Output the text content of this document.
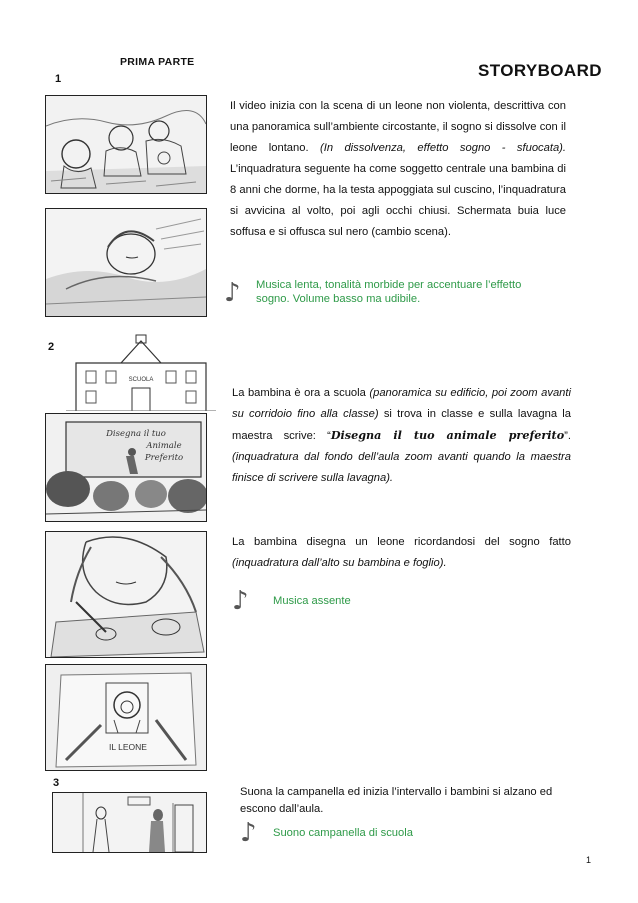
PRIMA PARTE	STORYBOARD
1
Il video inizia con la scena di un leone non violenta, descrittiva con una panoramica sull’ambiente circostante, il sogno si dissolve con il leone lontano. (In dissolvenza, effetto sogno - sfuocata). L’inquadratura seguente ha come soggetto centrale una bambina di 8 anni che dorme, ha la testa appoggiata sul cuscino, l’inquadratura si avvicina al volto, poi agli occhi chiusi. Schermata buia luce soffusa e si offusca sul nero (cambio scena).
♪ Musica lenta, tonalità morbide per accentuare l’effetto sogno. Volume basso ma udibile.
2
SCUOLA
Disegna il tuo
Animale
Preferito
IL LEONE
La bambina è ora a scuola (panoramica su edificio, poi zoom avanti su corridoio fino alla classe) si trova in classe e sulla lavagna la maestra scrive: “Disegna il tuo animale preferito”. (inquadratura dal fondo dell’aula zoom avanti quando la maestra finisce di scrivere sulla lavagna).
La bambina disegna un leone ricordandosi del sogno fatto (inquadratura dall’alto su bambina e foglio).
♪ Musica assente
3
Suona la campanella ed inizia l’intervallo i bambini si alzano ed escono dall’aula.
♪ Suono campanella di scuola
1
